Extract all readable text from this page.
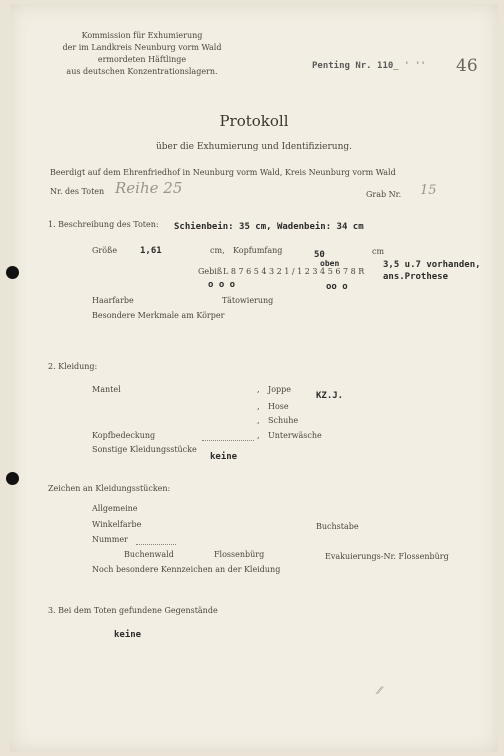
Kommission für Exhumierung
der im Landkreis Neunburg vorm Wald
ermordeten Häftlinge
aus deutschen Konzentrationslagern.
Penting Nr. 110_ ' '' 46
Protokoll
über die Exhumierung und Identifizierung.
Beerdigt auf dem Ehrenfriedhof in Neunburg vorm Wald, Kreis Neunburg vorm Wald
Nr. des Toten Reihe 25	Grab Nr. 15
1. Beschreibung des Toten: Schienbein: 35 cm, Wadenbein: 34 cm
Größe	1,61	cm, Kopfumfang	50	cm
Gebiß L 8 7 6 5 4 3 2 1 / 1 2 3 4 5 6 7 8 R
oben	3,5 u.7 vorhanden,
ans.Prothese
o o o	oo o
Haarfarbe	Tätowierung
Besondere Merkmale am Körper
2. Kleidung:
Mantel	, Joppe
KZ.J.
, Hose
, Schuhe
Kopfbedeckung	, Unterwäsche
Sonstige Kleidungsstücke
keine
Zeichen an Kleidungsstücken:
Allgemeine
Winkelfarbe	Buchstabe
Nummer
Buchenwald	Flossenbürg	Evakuierungs-Nr. Flossenbürg
Noch besondere Kennzeichen an der Kleidung
3. Bei dem Toten gefundene Gegenstände
keine
⁄⁄
